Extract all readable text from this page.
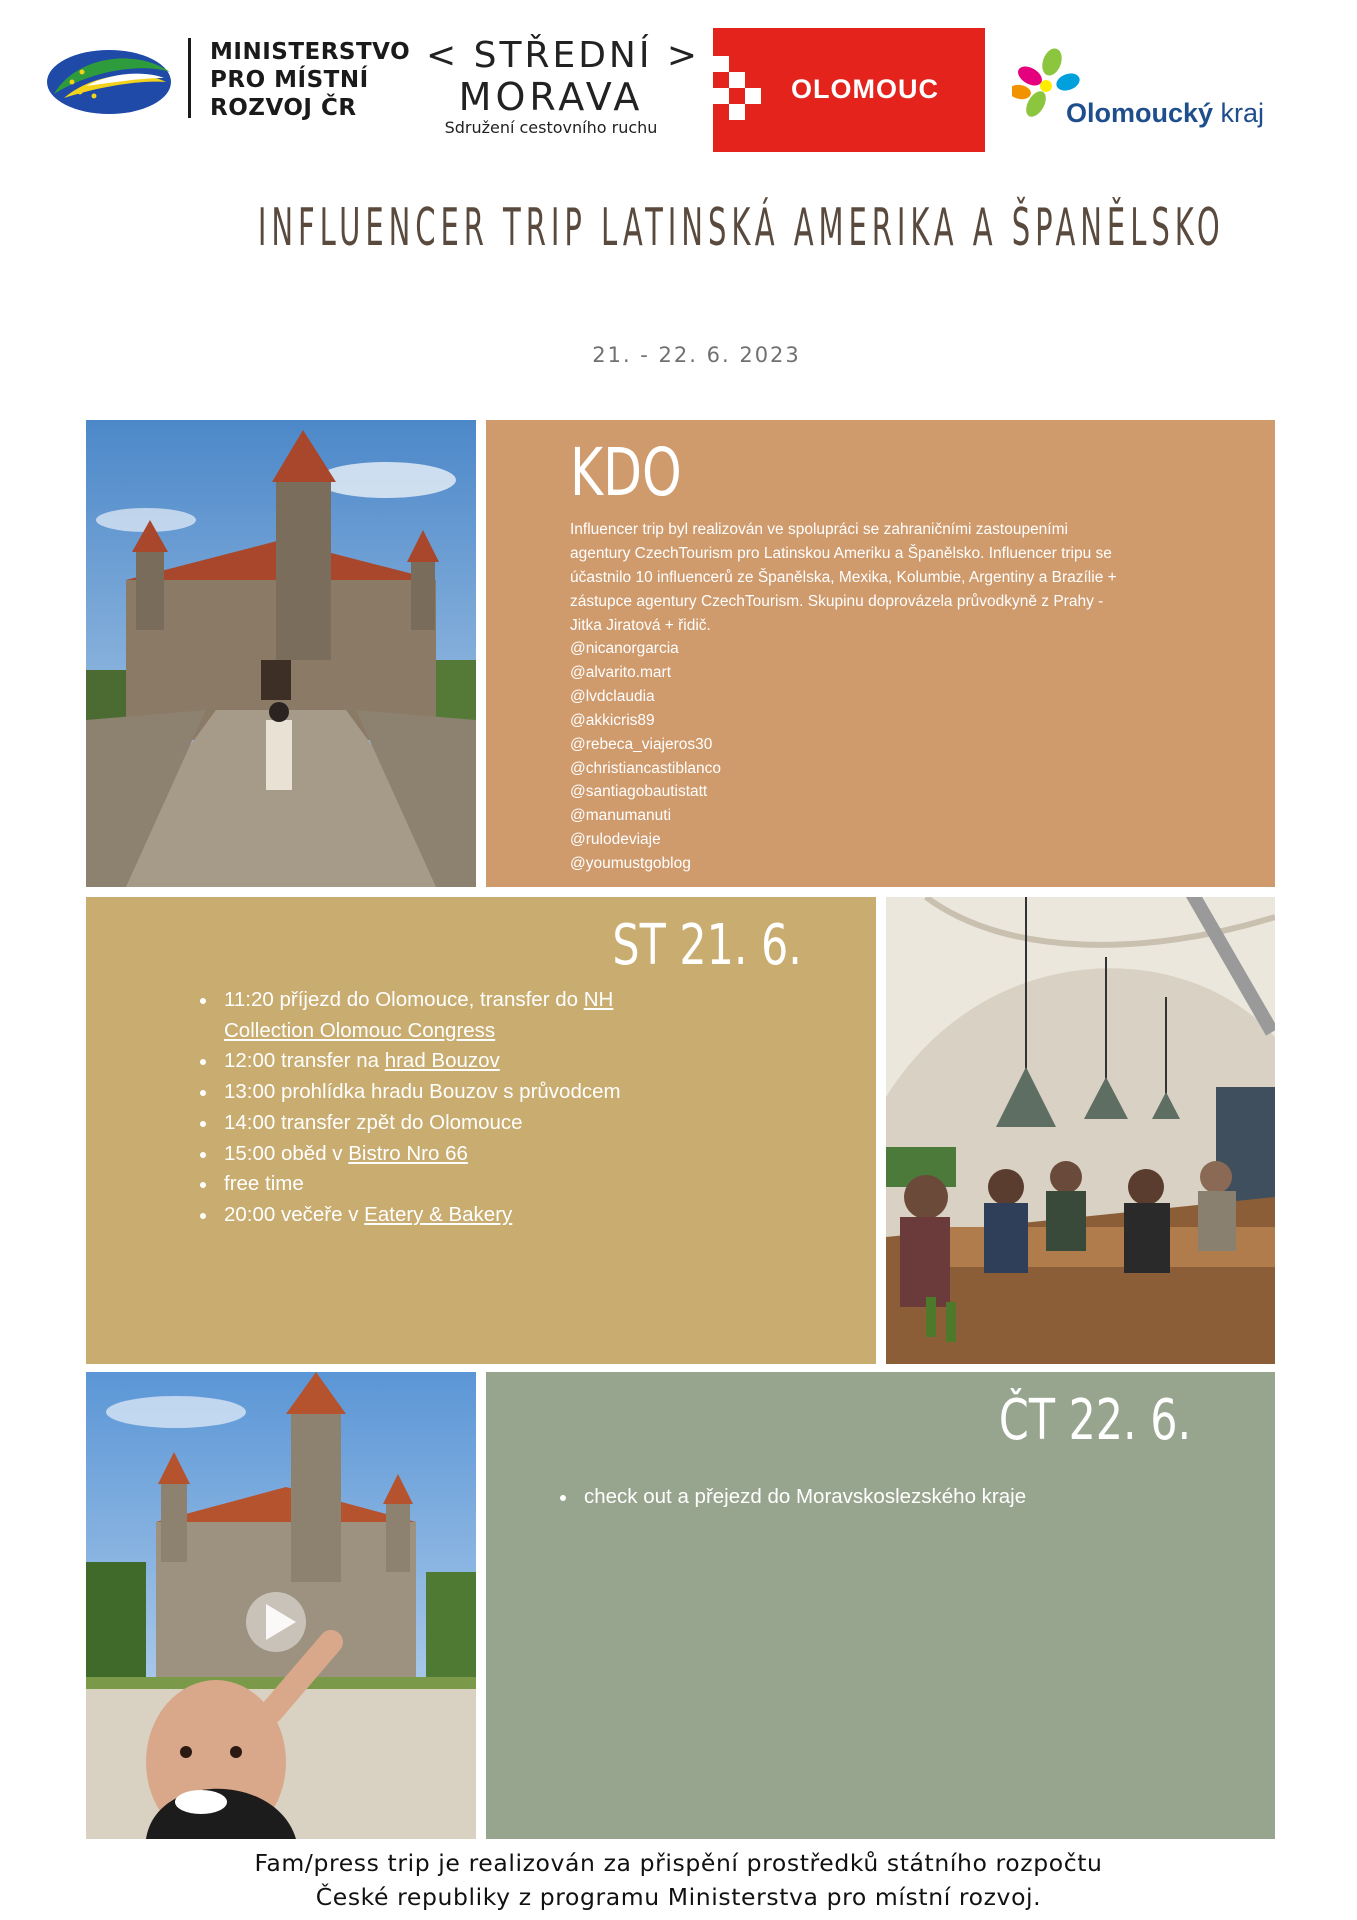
MINISTERSTVO
PRO MÍSTNÍ
ROZVOJ ČR
< STŘEDNÍ >
MORAVA
Sdružení cestovního ruchu
OLOMOUC
Olomoucký kraj
INFLUENCER TRIP LATINSKÁ AMERIKA A ŠPANĚLSKO
21. - 22. 6. 2023
KDO
Influencer trip byl realizován ve spolupráci se zahraničními zastoupeními agentury CzechTourism pro Latinskou Ameriku a Španělsko. Influencer tripu se účastnilo 10 influencerů ze Španělska, Mexika, Kolumbie, Argentiny a Brazílie + zástupce agentury CzechTourism. Skupinu doprovázela průvodkyně z Prahy - Jitka Jiratová + řidič.
@nicanorgarcia
@alvarito.mart
@lvdclaudia
@akkicris89
@rebeca_viajeros30
@christiancastiblanco
@santiagobautistatt
@manumanuti
@rulodeviaje
@youmustgoblog
ST 21. 6.
11:20 příjezd do Olomouce, transfer do NH Collection Olomouc Congress
12:00 transfer na hrad Bouzov
13:00 prohlídka hradu Bouzov s průvodcem
14:00 transfer zpět do Olomouce
15:00 oběd v Bistro Nro 66
free time
20:00 večeře v Eatery & Bakery
ČT 22. 6.
check out a přejezd do Moravskoslezského kraje
Fam/press trip je realizován za přispění prostředků státního rozpočtu
České republiky z programu Ministerstva pro místní rozvoj.
